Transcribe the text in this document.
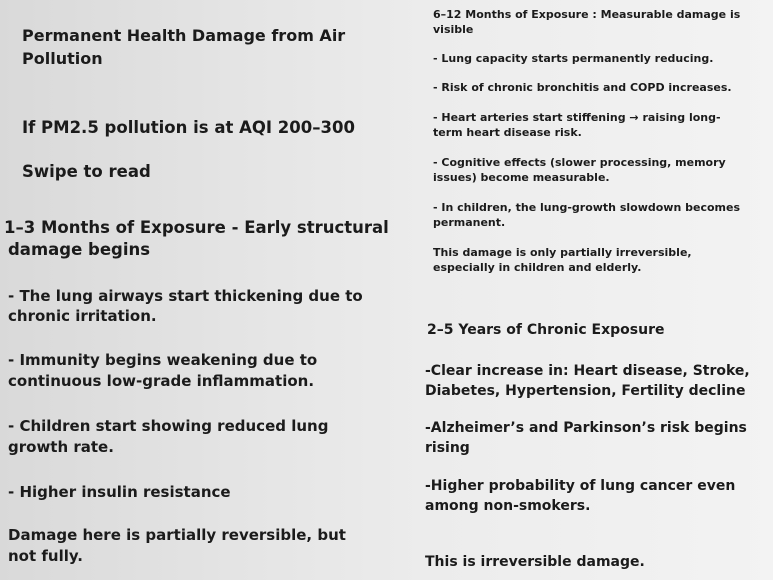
Permanent Health Damage from Air

Pollution

If PM2.5 pollution is at AQI 200–300

Swipe to read

1–3 Months of Exposure - Early structural

damage begins

- The lung airways start thickening due to

chronic irritation.

- Immunity begins weakening due to

continuous low-grade inflammation.

- Children start showing reduced lung

growth rate.

- Higher insulin resistance

Damage here is partially reversible, but

not fully.

6–12 Months of Exposure : Measurable damage is

visible

- Lung capacity starts permanently reducing.

- Risk of chronic bronchitis and COPD increases.

- Heart arteries start stiffening → raising long-

term heart disease risk.

- Cognitive effects (slower processing, memory

issues) become measurable.

- In children, the lung-growth slowdown becomes

permanent.

This damage is only partially irreversible,

especially in children and elderly.

2–5 Years of Chronic Exposure

-Clear increase in: Heart disease, Stroke,

Diabetes, Hypertension, Fertility decline

-Alzheimer’s and Parkinson’s risk begins

rising

-Higher probability of lung cancer even

among non-smokers.

This is irreversible damage.
